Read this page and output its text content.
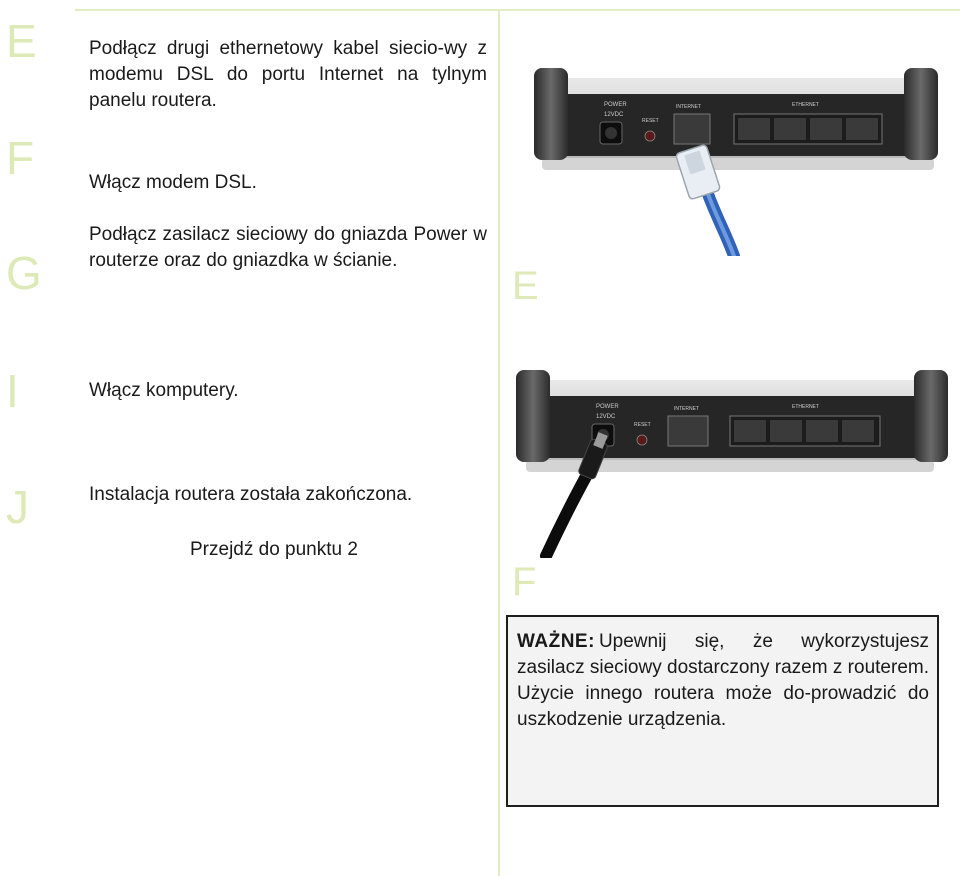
E
F
G
I
J
Podłącz drugi ethernetowy kabel siecio-wy z modemu DSL do portu Internet na tylnym panelu routera.
Włącz modem DSL.
Podłącz zasilacz sieciowy do gniazda Power w routerze oraz do gniazdka w ścianie.
Włącz komputery.
Instalacja routera została zakończona.
Przejdź do punktu 2
POWER
12VDC
RESET
INTERNET	ETHERNET
E
POWER
12VDC
RESET
INTERNET	ETHERNET
F
WAŻNE: Upewnij się, że wykorzystujesz zasilacz sieciowy dostarczony razem z routerem. Użycie innego routera może do-prowadzić do uszkodzenie urządzenia.
